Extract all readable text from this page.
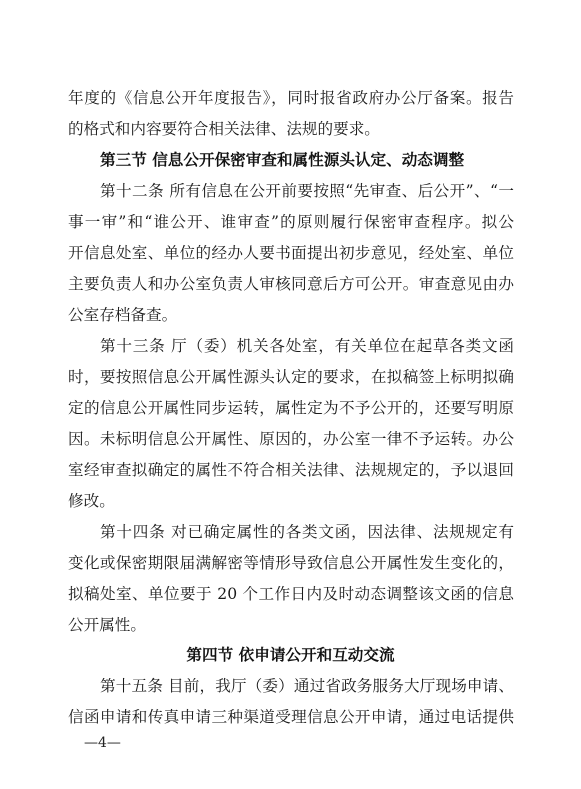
年度的《信息公开年度报告》，同时报省政府办公厅备案。报告
的格式和内容要符合相关法律、法规的要求。
第三节 信息公开保密审查和属性源头认定、动态调整
第十二条 所有信息在公开前要按照“先审查、后公开”、“一
事一审”和“谁公开、谁审查”的原则履行保密审查程序。拟公
开信息处室、单位的经办人要书面提出初步意见，经处室、单位
主要负责人和办公室负责人审核同意后方可公开。审查意见由办
公室存档备查。
第十三条 厅（委）机关各处室，有关单位在起草各类文函
时，要按照信息公开属性源头认定的要求，在拟稿签上标明拟确
定的信息公开属性同步运转，属性定为不予公开的，还要写明原
因。未标明信息公开属性、原因的，办公室一律不予运转。办公
室经审查拟确定的属性不符合相关法律、法规规定的，予以退回
修改。
第十四条 对已确定属性的各类文函，因法律、法规规定有
变化或保密期限届满解密等情形导致信息公开属性发生变化的，
拟稿处室、单位要于 20 个工作日内及时动态调整该文函的信息
公开属性。
第四节 依申请公开和互动交流
第十五条 目前，我厅（委）通过省政务服务大厅现场申请、
信函申请和传真申请三种渠道受理信息公开申请，通过电话提供
—4—
